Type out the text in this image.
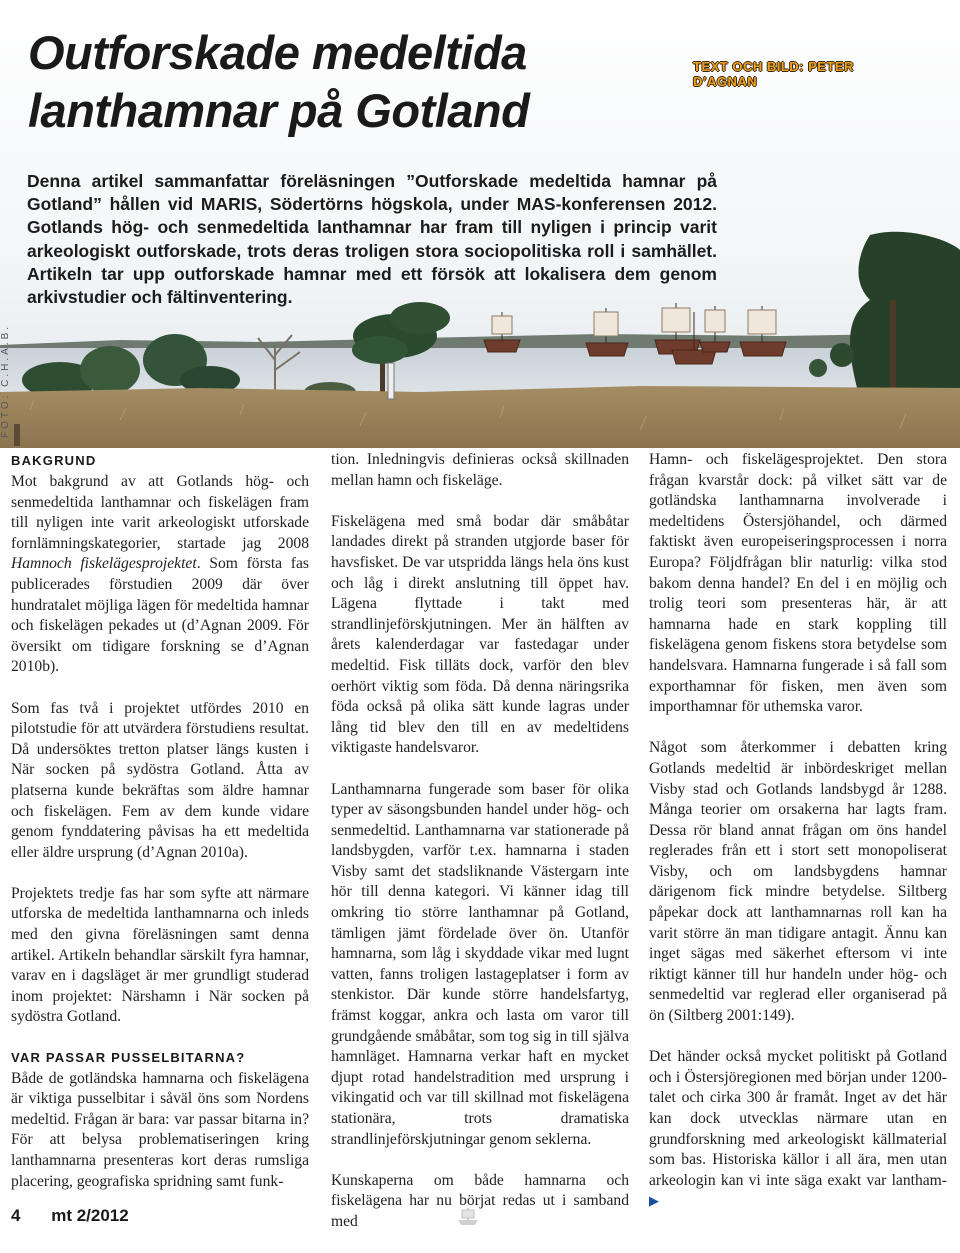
Outforskade medeltida
lanthamnar på Gotland
TEXT OCH BILD: PETER D’AGNAN

Denna artikel sammanfattar föreläsningen ”Outforskade medeltida hamnar på Gotland” hållen vid MARIS, Södertörns högskola, under MAS-konferensen 2012. Gotlands hög- och senmedeltida lanthamnar har fram till nyligen i princip varit arkeologiskt outforskade, trots deras troligen stora sociopolitiska roll i samhället. Artikeln tar upp outforskade hamnar med ett försök att lokalisera dem genom arkivstudier och fältinventering.

FOTO: C.H.A.B.
BAKGRUND

Mot bakgrund av att Gotlands hög- och senmedeltida lanthamnar och fiskelägen fram till nyligen inte varit arkeologiskt utforskade fornlämningskategorier, startade jag 2008 Hamnoch fiskelägesprojektet. Som första fas publicerades förstudien 2009 där över hundratalet möjliga lägen för medeltida hamnar och fiskelägen pekades ut (d’Agnan 2009. För översikt om tidigare forskning se d’Agnan 2010b).

Som fas två i projektet utfördes 2010 en pilotstudie för att utvärdera förstudiens resultat. Då undersöktes tretton platser längs kusten i När socken på sydöstra Gotland. Åtta av platserna kunde bekräftas som äldre hamnar och fiskelägen. Fem av dem kunde vidare genom fynddatering påvisas ha ett medeltida eller äldre ursprung (d’Agnan 2010a).

Projektets tredje fas har som syfte att närmare utforska de medeltida lanthamnarna och inleds med den givna föreläsningen samt denna artikel. Artikeln behandlar särskilt fyra hamnar, varav en i dagsläget är mer grundligt studerad inom projektet: Närshamn i När socken på sydöstra Gotland.

VAR PASSAR PUSSELBITARNA?

Både de gotländska hamnarna och fiskelägena är viktiga pusselbitar i såväl öns som Nordens medeltid. Frågan är bara: var passar bitarna in? För att belysa problematiseringen kring lanthamnarna presenteras kort deras rumsliga placering, geografiska spridning samt funk-

tion. Inledningvis definieras också skillnaden mellan hamn och fiskeläge.

Fiskelägena med små bodar där småbåtar landades direkt på stranden utgjorde baser för havsfisket. De var utspridda längs hela öns kust och låg i direkt anslutning till öppet hav. Lägena flyttade i takt med strandlinjeförskjutningen. Mer än hälften av årets kalenderdagar var fastedagar under medeltid. Fisk tilläts dock, varför den blev oerhört viktig som föda. Då denna näringsrika föda också på olika sätt kunde lagras under lång tid blev den till en av medeltidens viktigaste handelsvaror.

Lanthamnarna fungerade som baser för olika typer av säsongsbunden handel under hög- och senmedeltid. Lanthamnarna var stationerade på landsbygden, varför t.ex. hamnarna i staden Visby samt det stadsliknande Västergarn inte hör till denna kategori. Vi känner idag till omkring tio större lanthamnar på Gotland, tämligen jämt fördelade över ön. Utanför hamnarna, som låg i skyddade vikar med lugnt vatten, fanns troligen lastageplatser i form av stenkistor. Där kunde större handelsfartyg, främst koggar, ankra och lasta om varor till grundgående småbåtar, som tog sig in till själva hamnläget. Hamnarna verkar haft en mycket djupt rotad handelstradition med ursprung i vikingatid och var till skillnad mot fiskelägena stationära, trots dramatiska strandlinjeförskjutningar genom seklerna.

Kunskaperna om både hamnarna och fiskelägena har nu börjat redas ut i samband med

Hamn- och fiskelägesprojektet. Den stora frågan kvarstår dock: på vilket sätt var de gotländska lanthamnarna involverade i medeltidens Östersjöhandel, och därmed faktiskt även europeiseringsprocessen i norra Europa? Följdfrågan blir naturlig: vilka stod bakom denna handel? En del i en möjlig och trolig teori som presenteras här, är att hamnarna hade en stark koppling till fiskelägena genom fiskens stora betydelse som handelsvara. Hamnarna fungerade i så fall som exporthamnar för fisken, men även som importhamnar för uthemska varor.

Något som återkommer i debatten kring Gotlands medeltid är inbördeskriget mellan Visby stad och Gotlands landsbygd år 1288. Många teorier om orsakerna har lagts fram. Dessa rör bland annat frågan om öns handel reglerades från ett i stort sett monopoliserat Visby, och om landsbygdens hamnar därigenom fick mindre betydelse. Siltberg påpekar dock att lanthamnarnas roll kan ha varit större än man tidigare antagit. Ännu kan inget sägas med säkerhet eftersom vi inte riktigt känner till hur handeln under hög- och senmedeltid var reglerad eller organiserad på ön (Siltberg 2001:149).

Det händer också mycket politiskt på Gotland och i Östersjöregionen med början under 1200-talet och cirka 300 år framåt. Inget av det här kan dock utvecklas närmare utan en grundforskning med arkeologiskt källmaterial som bas. Historiska källor i all ära, men utan arkeologin kan vi inte säga exakt var lantham-▶

4 mt 2/2012
